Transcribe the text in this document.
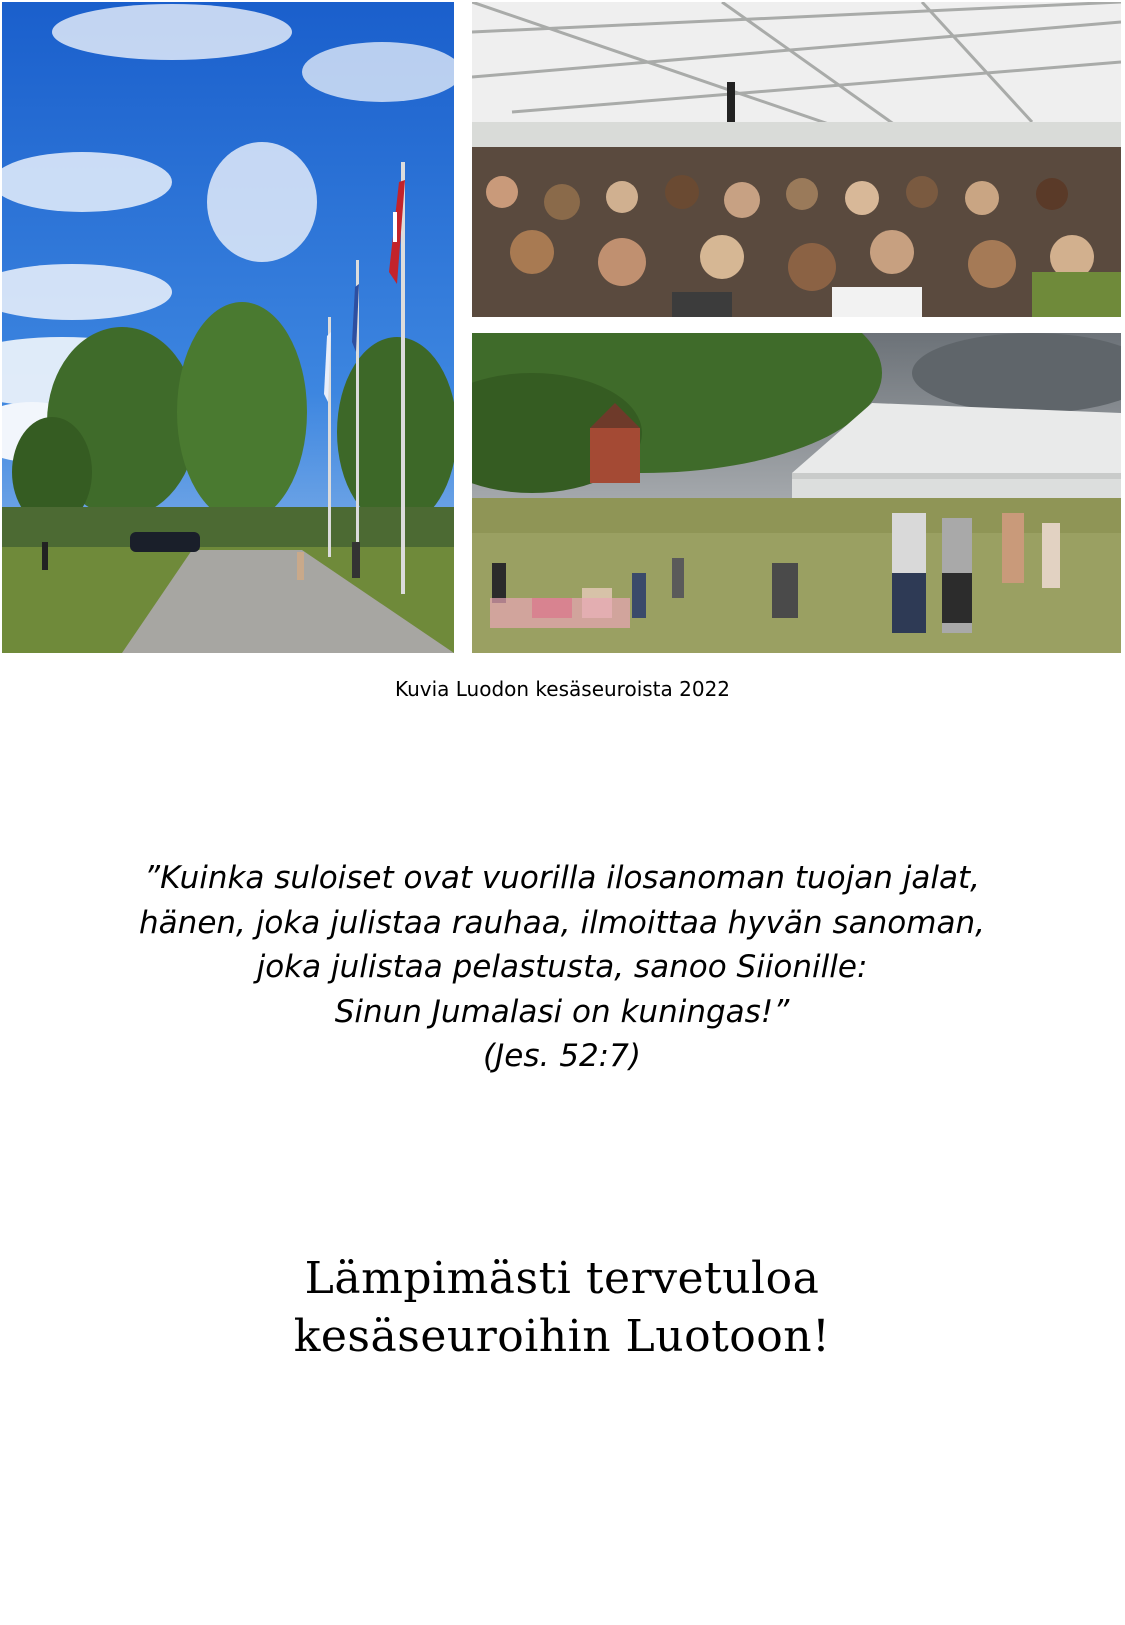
Kuvia Luodon kesäseuroista 2022
”Kuinka suloiset ovat vuorilla ilosanoman tuojan jalat,
hänen, joka julistaa rauhaa, ilmoittaa hyvän sanoman,
joka julistaa pelastusta, sanoo Siionille:
Sinun Jumalasi on kuningas!”
(Jes. 52:7)
Lämpimästi tervetuloa
kesäseuroihin Luotoon!
